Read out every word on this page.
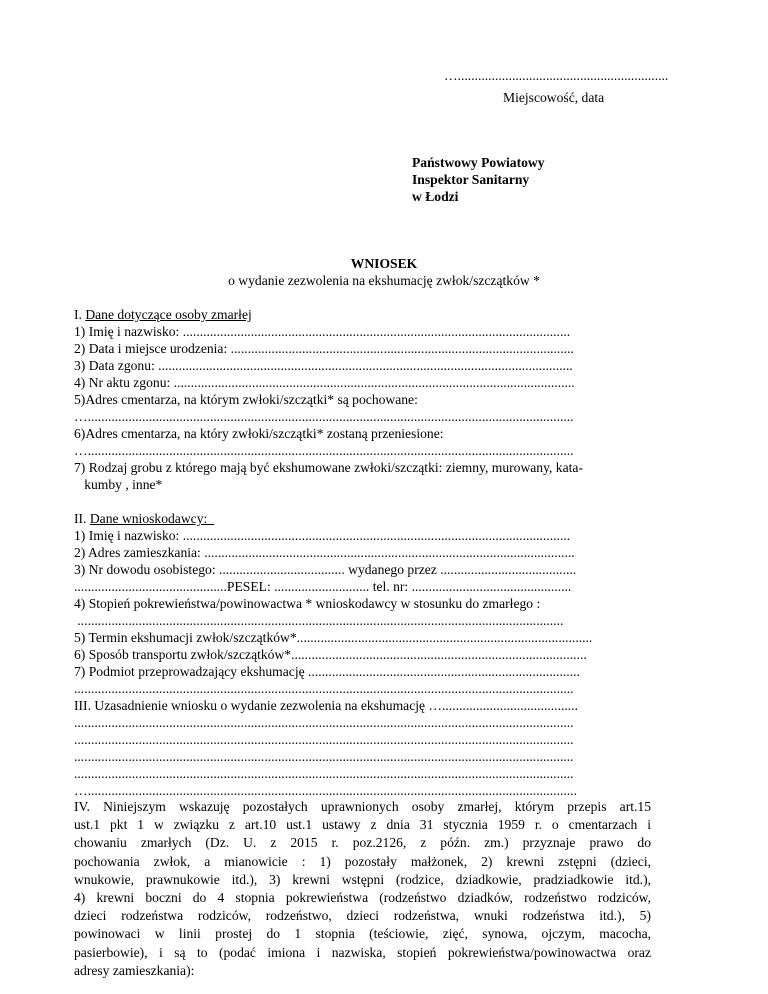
…..............................................................
Miejscowość, data
Państwowy Powiatowy
Inspektor Sanitarny
w Łodzi
WNIOSEK
o wydanie zezwolenia na ekshumację zwłok/szczątków *
I. Dane dotyczące osoby zmarłej
1) Imię i nazwisko: ..................................................................................................................
2) Data i miejsce urodzenia: .....................................................................................................
3) Data zgonu: ..........................................................................................................................
4) Nr aktu zgonu: ......................................................................................................................
5)Adres cmentarza, na którym zwłoki/szczątki* są pochowane:
…...............................................................................................................................................
6)Adres cmentarza, na który zwłoki/szczątki* zostaną przeniesione:
…...............................................................................................................................................
7) Rodzaj grobu z którego mają być ekshumowane zwłoki/szczątki: ziemny, murowany, kata-
kumby , inne*
II. Dane wnioskodawcy:
1) Imię i nazwisko: ..................................................................................................................
2) Adres zamieszkania: .............................................................................................................
3) Nr dowodu osobistego: ..................................... wydanego przez ........................................
.............................................PESEL: ............................ tel. nr: ...............................................
4) Stopień pokrewieństwa/powinowactwa * wnioskodawcy w stosunku do zmarłego :
...............................................................................................................................................
5) Termin ekshumacji zwłok/szczątków*.......................................................................................
6) Sposób transportu zwłok/szczątków*.......................................................................................
7) Podmiot przeprowadzający ekshumację ................................................................................
...................................................................................................................................................
III. Uzasadnienie wniosku o wydanie zezwolenia na ekshumację …........................................
...................................................................................................................................................
...................................................................................................................................................
...................................................................................................................................................
...................................................................................................................................................
…................................................................................................................................................
IV. Niniejszym wskazuję pozostałych uprawnionych osoby zmarłej, którym przepis art.15
ust.1 pkt 1 w związku z art.10 ust.1 ustawy z dnia 31 stycznia 1959 r. o cmentarzach i
chowaniu zmarłych (Dz. U. z 2015 r. poz.2126, z późn. zm.) przyznaje prawo do
pochowania zwłok, a mianowicie : 1) pozostały małżonek, 2) krewni zstępni (dzieci,
wnukowie, prawnukowie itd.), 3) krewni wstępni (rodzice, dziadkowie, pradziadkowie itd.),
4) krewni boczni do 4 stopnia pokrewieństwa (rodzeństwo dziadków, rodzeństwo rodziców,
dzieci rodzeństwa rodziców, rodzeństwo, dzieci rodzeństwa, wnuki rodzeństwa itd.), 5)
powinowaci w linii prostej do 1 stopnia (teściowie, zięć, synowa, ojczym, macocha,
pasierbowie), i są to (podać imiona i nazwiska, stopień pokrewieństwa/powinowactwa oraz
adresy zamieszkania):
